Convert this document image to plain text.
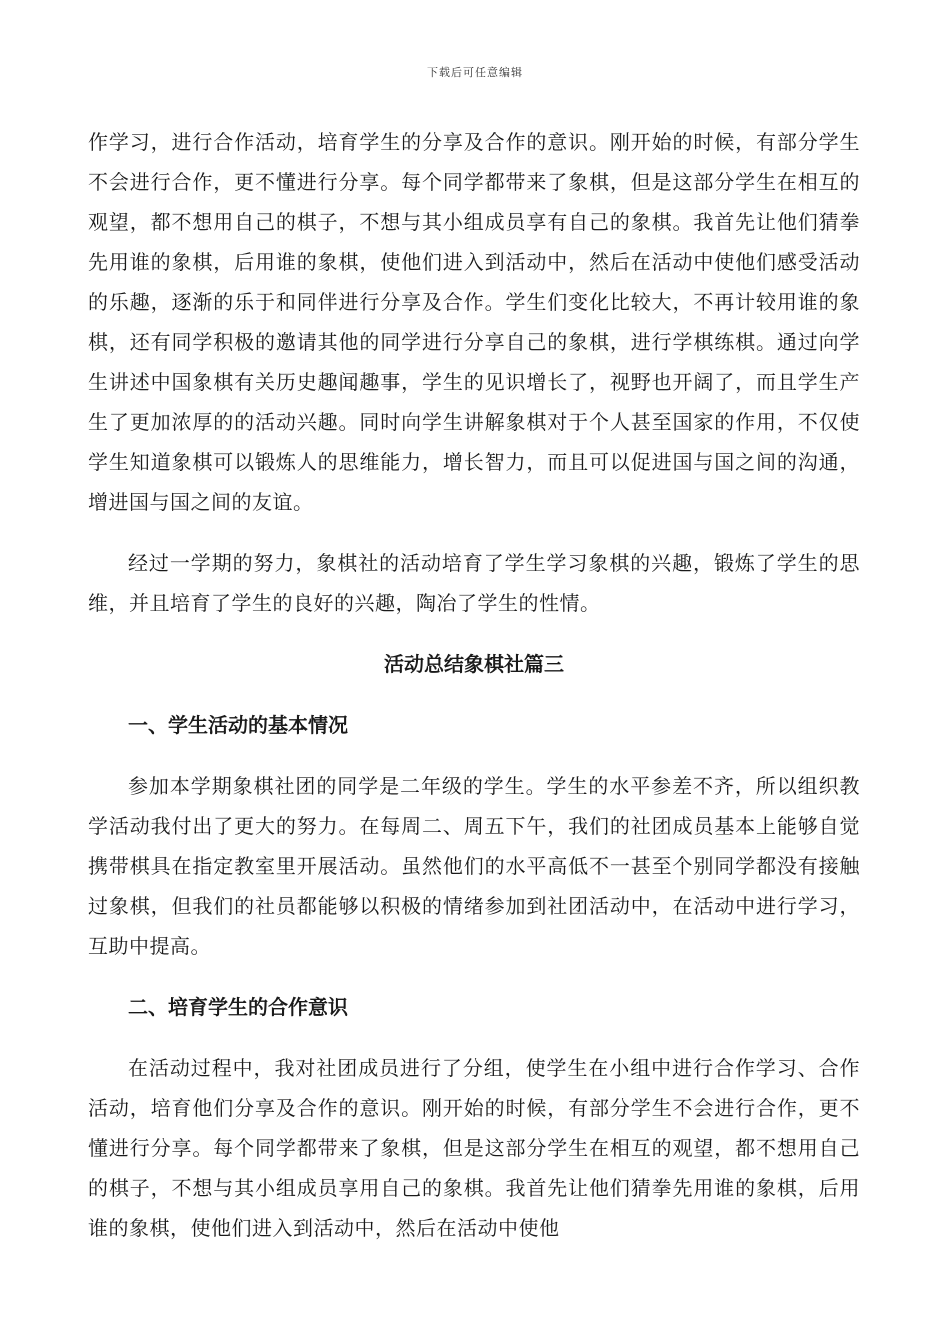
下载后可任意编辑

作学习，进行合作活动，培育学生的分享及合作的意识。刚开始的时候，有部分学生不会进行合作，更不懂进行分享。每个同学都带来了象棋，但是这部分学生在相互的观望，都不想用自己的棋子，不想与其小组成员享有自己的象棋。我首先让他们猜拳先用谁的象棋，后用谁的象棋，使他们进入到活动中，然后在活动中使他们感受活动的乐趣，逐渐的乐于和同伴进行分享及合作。学生们变化比较大，不再计较用谁的象棋，还有同学积极的邀请其他的同学进行分享自己的象棋，进行学棋练棋。通过向学生讲述中国象棋有关历史趣闻趣事，学生的见识增长了，视野也开阔了，而且学生产生了更加浓厚的的活动兴趣。同时向学生讲解象棋对于个人甚至国家的作用，不仅使学生知道象棋可以锻炼人的思维能力，增长智力，而且可以促进国与国之间的沟通，增进国与国之间的友谊。

经过一学期的努力，象棋社的活动培育了学生学习象棋的兴趣，锻炼了学生的思维，并且培育了学生的良好的兴趣，陶冶了学生的性情。

活动总结象棋社篇三
一、学生活动的基本情况

参加本学期象棋社团的同学是二年级的学生。学生的水平参差不齐，所以组织教学活动我付出了更大的努力。在每周二、周五下午，我们的社团成员基本上能够自觉携带棋具在指定教室里开展活动。虽然他们的水平高低不一甚至个别同学都没有接触过象棋，但我们的社员都能够以积极的情绪参加到社团活动中，在活动中进行学习，互助中提高。

二、培育学生的合作意识

在活动过程中，我对社团成员进行了分组，使学生在小组中进行合作学习、合作活动，培育他们分享及合作的意识。刚开始的时候，有部分学生不会进行合作，更不懂进行分享。每个同学都带来了象棋，但是这部分学生在相互的观望，都不想用自己的棋子，不想与其小组成员享用自己的象棋。我首先让他们猜拳先用谁的象棋，后用谁的象棋，使他们进入到活动中，然后在活动中使他
